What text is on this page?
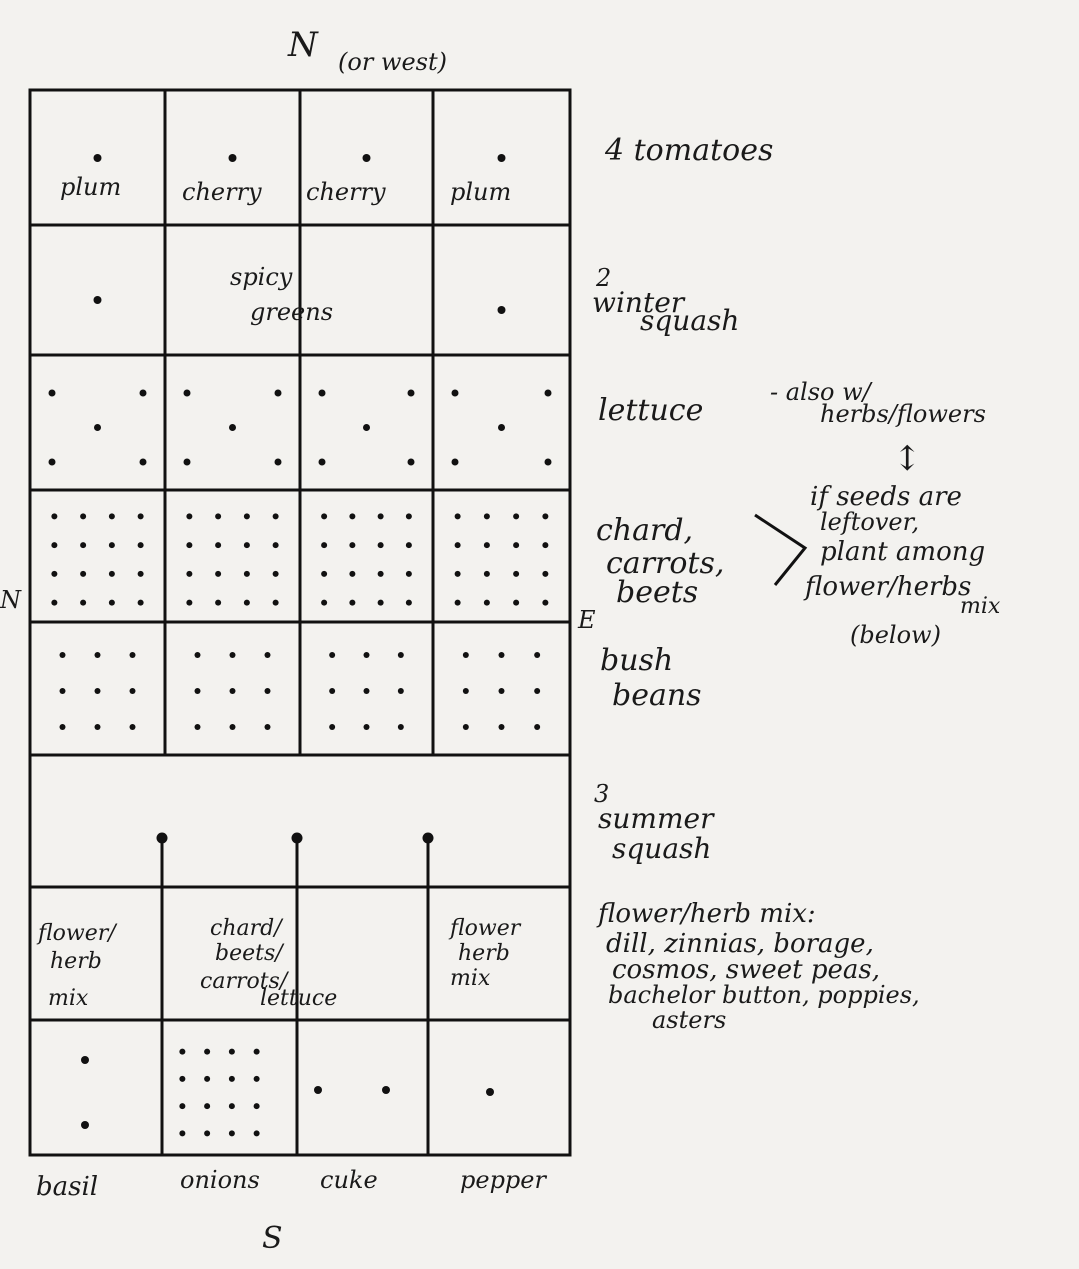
N (or west)
N
E
S
plum	cherry cherry	plum
spicy
greens
flower/
herb
mix
chard/
beets/
carrots/
lettuce
flower
herb
mix
basil	onions	cuke	pepper
4 tomatoes
2
winter
squash
lettuce
chard,
carrots,
beets
bush
beans
3
summer
squash
flower/herb mix:
dill, zinnias, borage,
cosmos, sweet peas,
bachelor button, poppies,
asters
- also w/
herbs/flowers
↕
if seeds are
leftover,
plant among
flower/herbs
mix
(below)
